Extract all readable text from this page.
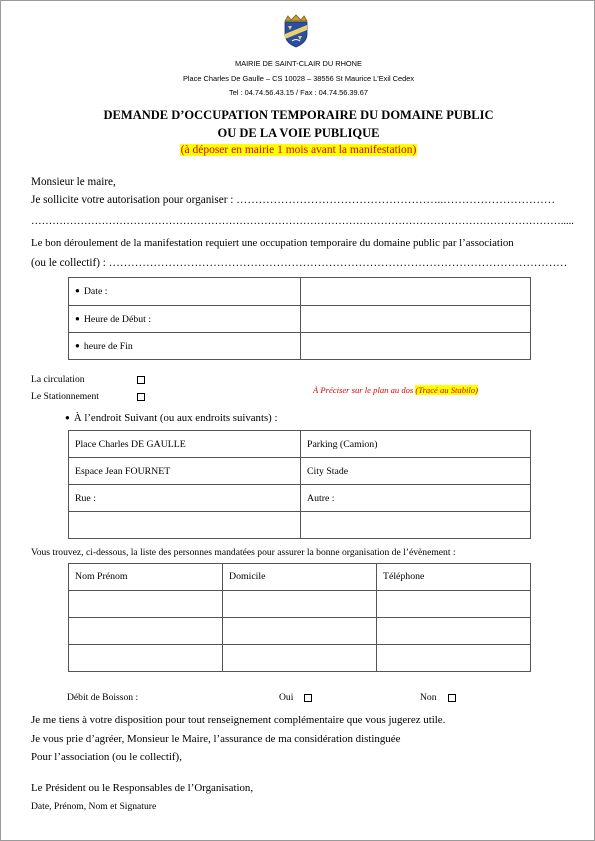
MAIRIE DE SAINT-CLAIR DU RHONE
Place Charles De Gaulle – CS 10028 – 38556 St Maurice L'Exil Cedex
Tel : 04.74.56.43.15 / Fax : 04.74.56.39.67
DEMANDE D’OCCUPATION TEMPORAIRE DU DOMAINE PUBLIC
OU DE LA VOIE PUBLIQUE
(à déposer en mairie 1 mois avant la manifestation)
Monsieur le maire,
Je sollicite votre autorisation pour organiser : ………………………………………………..…………………………
…………………………………………………………………………………………………………………………………….....
Le bon déroulement de la manifestation requiert une occupation temporaire du domaine public par l’association
(ou le collectif) : ……………………………………………………………………………………………………………
● Date :	
● Heure de Début :	
● heure de Fin	
La circulation
Le Stationnement
À Préciser sur le plan au dos (Tracé au Stabilo)
● À l’endroit Suivant (ou aux endroits suivants) :
Place Charles DE GAULLE	Parking (Camion)
Espace Jean FOURNET	City Stade
Rue :	Autre :

Vous trouvez, ci-dessous, la liste des personnes mandatées pour assurer la bonne organisation de l’évènement :
Nom Prénom	Domicile	Téléphone

Débit de Boisson :	Oui	Non
Je me tiens à votre disposition pour tout renseignement complémentaire que vous jugerez utile.
Je vous prie d’agréer, Monsieur le Maire, l’assurance de ma considération distinguée
Pour l’association (ou le collectif),
Le Président ou le Responsables de l’Organisation,
Date, Prénom, Nom et Signature
